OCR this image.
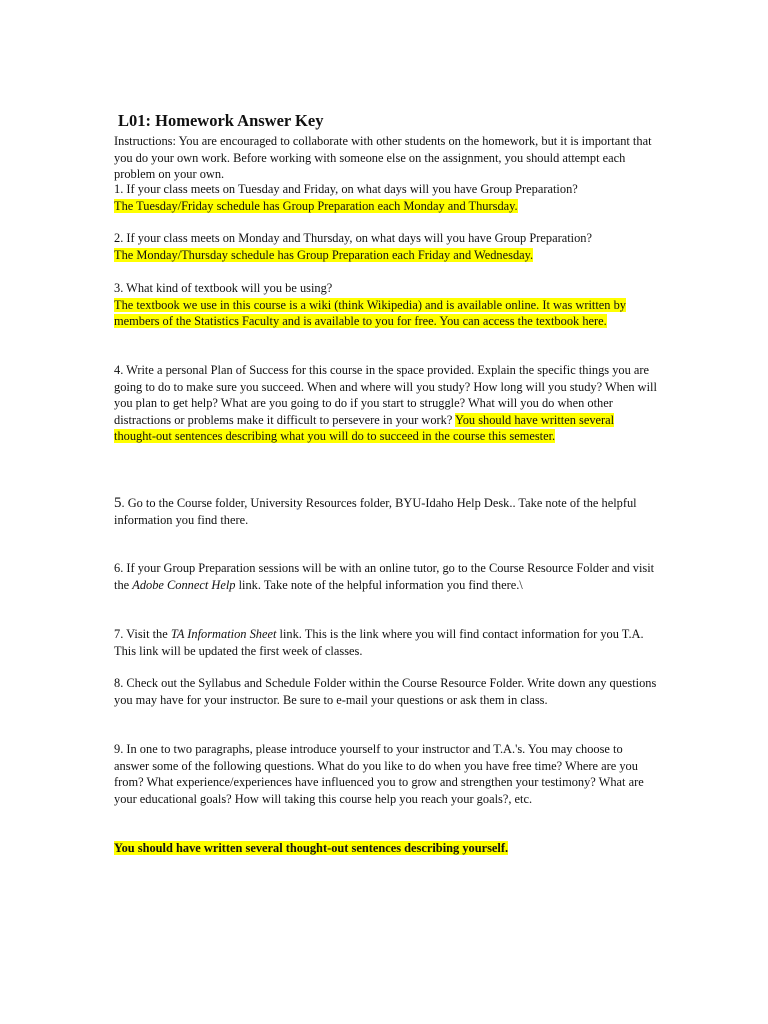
L01: Homework Answer Key

Instructions: You are encouraged to collaborate with other students on the homework, but it is important that you do your own work. Before working with someone else on the assignment, you should attempt each problem on your own.

1. If your class meets on Tuesday and Friday, on what days will you have Group Preparation?
The Tuesday/Friday schedule has Group Preparation each Monday and Thursday.

2. If your class meets on Monday and Thursday, on what days will you have Group Preparation?
The Monday/Thursday schedule has Group Preparation each Friday and Wednesday.

3. What kind of textbook will you be using?
The textbook we use in this course is a wiki (think Wikipedia) and is available online. It was written by members of the Statistics Faculty and is available to you for free. You can access the textbook here.

4. Write a personal Plan of Success for this course in the space provided. Explain the specific things you are going to do to make sure you succeed. When and where will you study? How long will you study? When will you plan to get help? What are you going to do if you start to struggle? What will you do when other distractions or problems make it difficult to persevere in your work? You should have written several thought-out sentences describing what you will do to succeed in the course this semester.

5. Go to the Course folder, University Resources folder, BYU-Idaho Help Desk.. Take note of the helpful information you find there.

6. If your Group Preparation sessions will be with an online tutor, go to the Course Resource Folder and visit the Adobe Connect Help link. Take note of the helpful information you find there.\

7. Visit the TA Information Sheet link. This is the link where you will find contact information for you T.A. This link will be updated the first week of classes.

8. Check out the Syllabus and Schedule Folder within the Course Resource Folder. Write down any questions you may have for your instructor. Be sure to e-mail your questions or ask them in class.

9. In one to two paragraphs, please introduce yourself to your instructor and T.A.'s. You may choose to answer some of the following questions. What do you like to do when you have free time? Where are you from? What experience/experiences have influenced you to grow and strengthen your testimony? What are your educational goals? How will taking this course help you reach your goals?, etc.

You should have written several thought-out sentences describing yourself.
